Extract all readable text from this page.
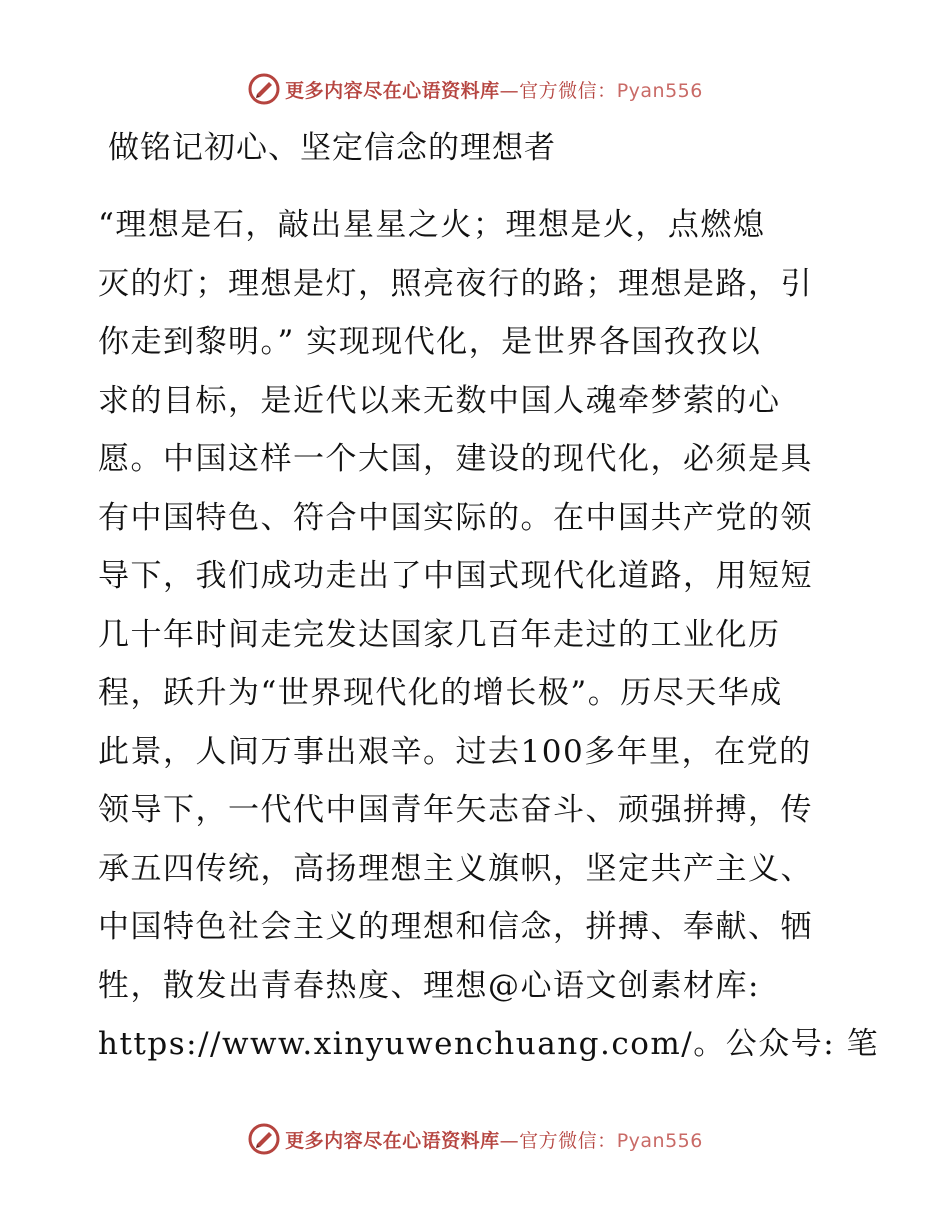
更多内容尽在心语资料库—官方微信：Pyan556
做铭记初心、坚定信念的理想者
“理想是石，敲出星星之火；理想是火，点燃熄
灭的灯；理想是灯，照亮夜行的路；理想是路，引
你走到黎明。” 实现现代化，是世界各国孜孜以
求的目标，是近代以来无数中国人魂牵梦萦的心
愿。中国这样一个大国，建设的现代化，必须是具
有中国特色、符合中国实际的。在中国共产党的领
导下，我们成功走出了中国式现代化道路，用短短
几十年时间走完发达国家几百年走过的工业化历
程，跃升为“世界现代化的增长极”。历尽天华成
此景，人间万事出艰辛。过去100多年里，在党的
领导下，一代代中国青年矢志奋斗、顽强拼搏，传
承五四传统，高扬理想主义旗帜，坚定共产主义、
中国特色社会主义的理想和信念，拼搏、奉献、牺
牲，散发出青春热度、理想@心语文创素材库:
https://www.xinyuwenchuang.com/。公众号: 笔
更多内容尽在心语资料库—官方微信：Pyan556
